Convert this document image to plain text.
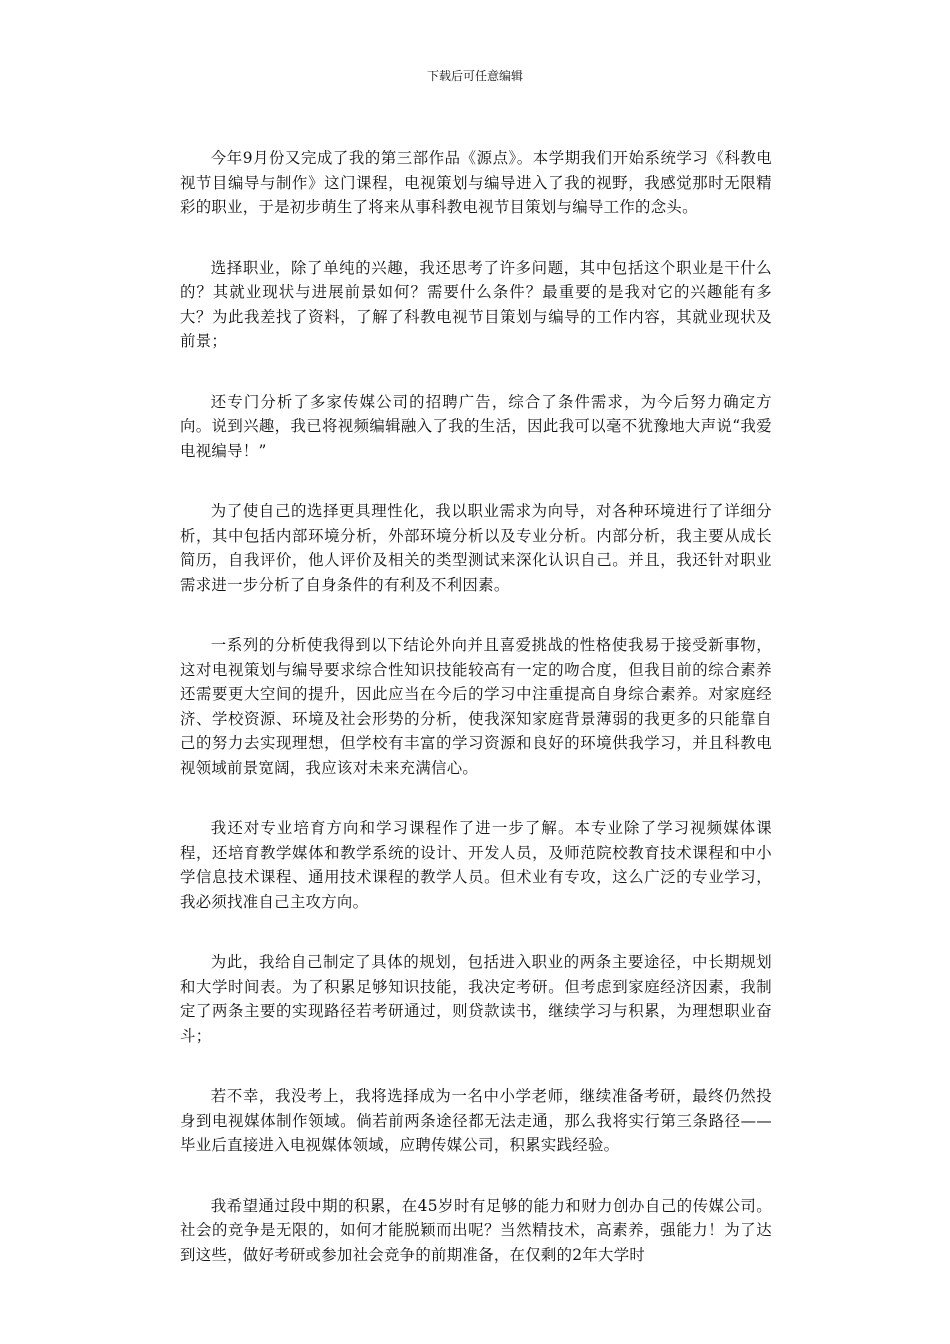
下载后可任意编辑

今年9月份又完成了我的第三部作品《源点》。本学期我们开始系统学习《科教电视节目编导与制作》这门课程，电视策划与编导进入了我的视野，我感觉那时无限精彩的职业，于是初步萌生了将来从事科教电视节目策划与编导工作的念头。

选择职业，除了单纯的兴趣，我还思考了许多问题，其中包括这个职业是干什么的？其就业现状与进展前景如何？需要什么条件？最重要的是我对它的兴趣能有多大？为此我差找了资料，了解了科教电视节目策划与编导的工作内容，其就业现状及前景；

还专门分析了多家传媒公司的招聘广告，综合了条件需求，为今后努力确定方向。说到兴趣，我已将视频编辑融入了我的生活，因此我可以毫不犹豫地大声说“我爱电视编导！”

为了使自己的选择更具理性化，我以职业需求为向导，对各种环境进行了详细分析，其中包括内部环境分析，外部环境分析以及专业分析。内部分析，我主要从成长简历，自我评价，他人评价及相关的类型测试来深化认识自己。并且，我还针对职业需求进一步分析了自身条件的有利及不利因素。

一系列的分析使我得到以下结论外向并且喜爱挑战的性格使我易于接受新事物，这对电视策划与编导要求综合性知识技能较高有一定的吻合度，但我目前的综合素养还需要更大空间的提升，因此应当在今后的学习中注重提高自身综合素养。对家庭经济、学校资源、环境及社会形势的分析，使我深知家庭背景薄弱的我更多的只能靠自己的努力去实现理想，但学校有丰富的学习资源和良好的环境供我学习，并且科教电视领域前景宽阔，我应该对未来充满信心。

我还对专业培育方向和学习课程作了进一步了解。本专业除了学习视频媒体课程，还培育教学媒体和教学系统的设计、开发人员，及师范院校教育技术课程和中小学信息技术课程、通用技术课程的教学人员。但术业有专攻，这么广泛的专业学习，我必须找准自己主攻方向。

为此，我给自己制定了具体的规划，包括进入职业的两条主要途径，中长期规划和大学时间表。为了积累足够知识技能，我决定考研。但考虑到家庭经济因素，我制定了两条主要的实现路径若考研通过，则贷款读书，继续学习与积累，为理想职业奋斗；

若不幸，我没考上，我将选择成为一名中小学老师，继续准备考研，最终仍然投身到电视媒体制作领域。倘若前两条途径都无法走通，那么我将实行第三条路径——毕业后直接进入电视媒体领域，应聘传媒公司，积累实践经验。

我希望通过段中期的积累，在45岁时有足够的能力和财力创办自己的传媒公司。社会的竞争是无限的，如何才能脱颖而出呢？当然精技术，高素养，强能力！为了达到这些，做好考研或参加社会竞争的前期准备，在仅剩的2年大学时
